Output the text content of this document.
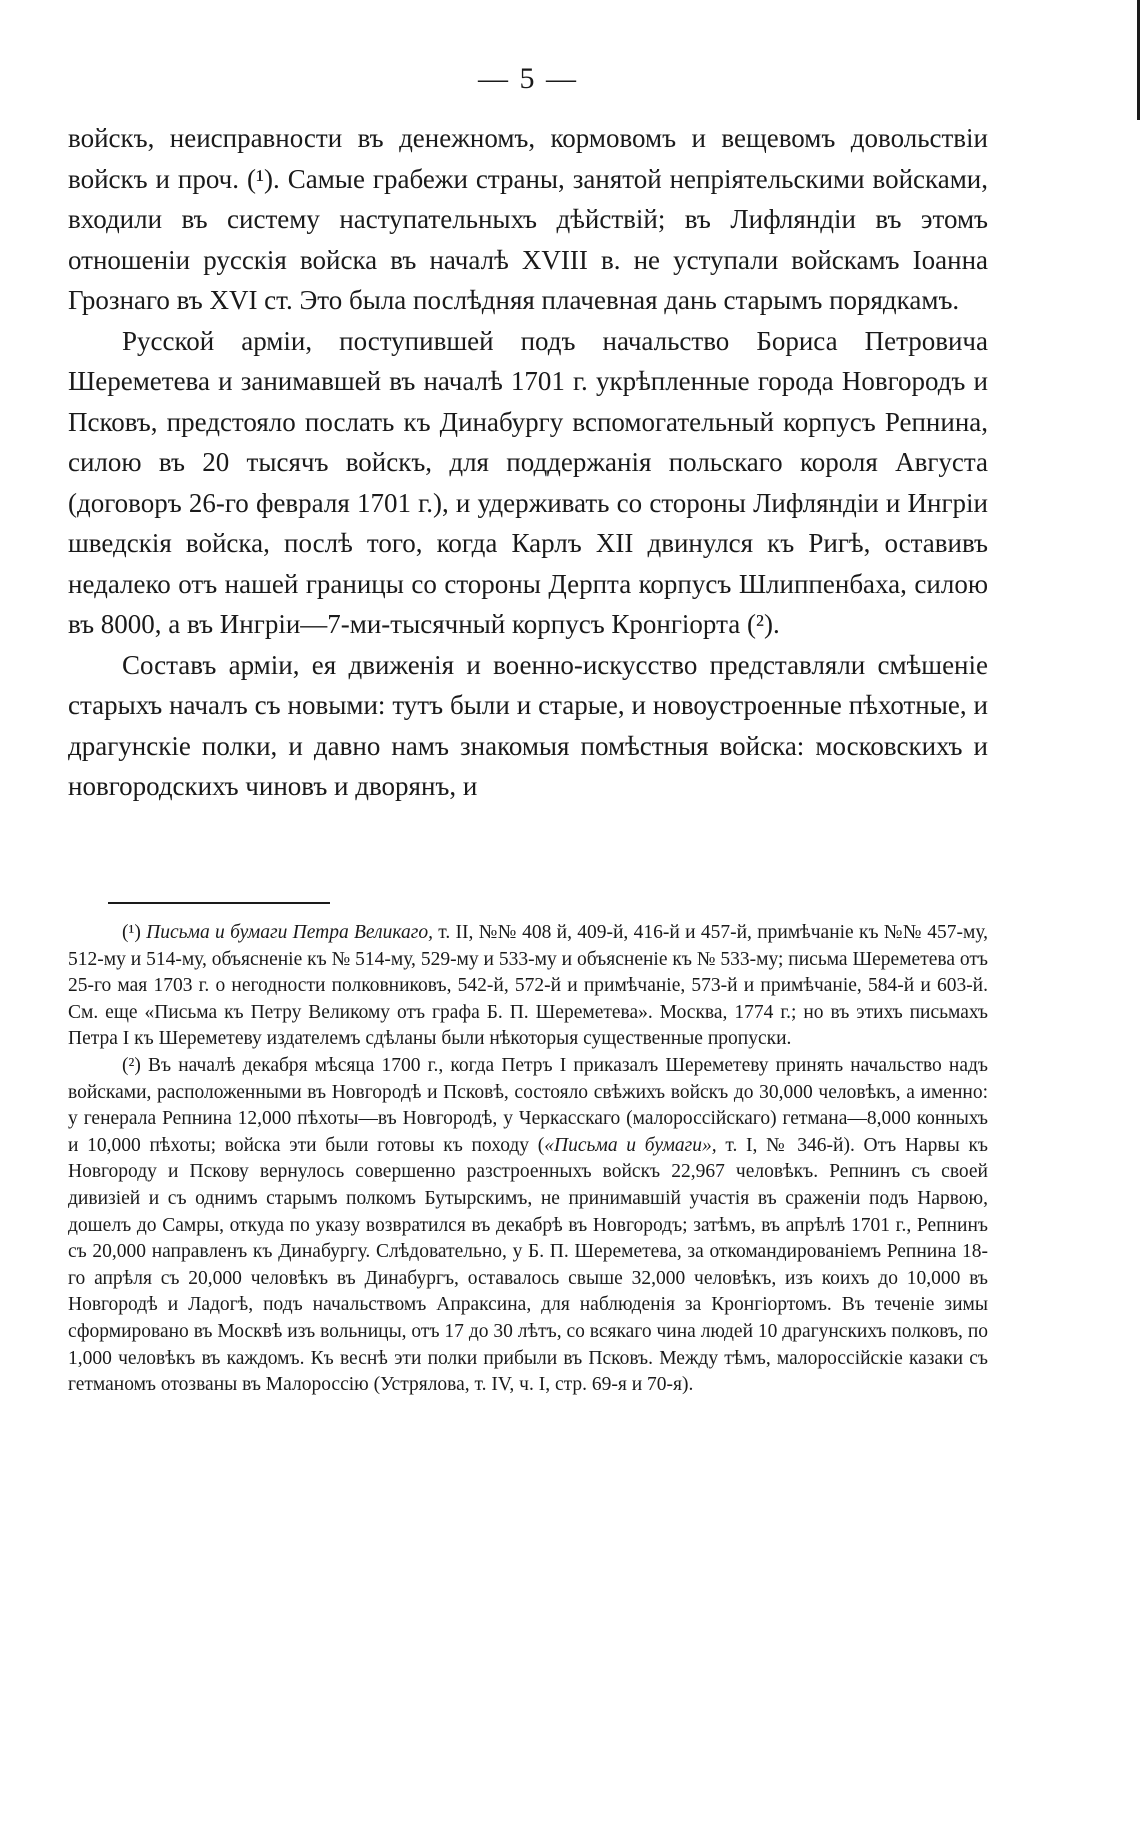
— 5 —

войскъ, неисправности въ денежномъ, кормовомъ и вещевомъ довольствіи войскъ и проч. (¹). Самые грабежи страны, занятой непріятельскими войсками, входили въ систему наступательныхъ дѣйствій; въ Лифляндіи въ этомъ отношеніи русскія войска въ началѣ XVIII в. не уступали войскамъ Іоанна Грознаго въ XVI ст. Это была послѣдняя плачевная дань старымъ порядкамъ.

Русской арміи, поступившей подъ начальство Бориса Петровича Шереметева и занимавшей въ началѣ 1701 г. укрѣпленные города Новгородъ и Псковъ, предстояло послать къ Динабургу вспомогательный корпусъ Репнина, силою въ 20 тысячъ войскъ, для поддержанія польскаго короля Августа (договоръ 26-го февраля 1701 г.), и удерживать со стороны Лифляндіи и Ингріи шведскія войска, послѣ того, когда Карлъ XII двинулся къ Ригѣ, оставивъ недалеко отъ нашей границы со стороны Дерпта корпусъ Шлиппенбаха, силою въ 8000, а въ Ингріи—7-ми-тысячный корпусъ Кронгіорта (²).

Составъ арміи, ея движенія и военно-искусство представляли смѣшеніе старыхъ началъ съ новыми: тутъ были и старые, и новоустроенные пѣхотные, и драгунскіе полки, и давно намъ знакомыя помѣстныя войска: московскихъ и новгородскихъ чиновъ и дворянъ, и

(¹) Письма и бумаги Петра Великаго, т. II, №№ 408 й, 409-й, 416-й и 457-й, примѣчаніе къ №№ 457-му, 512-му и 514-му, объясненіе къ № 514-му, 529-му и 533-му и объясненіе къ № 533-му; письма Шереметева отъ 25-го мая 1703 г. о негодности полковниковъ, 542-й, 572-й и примѣчаніе, 573-й и примѣчаніе, 584-й и 603-й. См. еще «Письма къ Петру Великому отъ графа Б. П. Шереметева». Москва, 1774 г.; но въ этихъ письмахъ Петра I къ Шереметеву издателемъ сдѣланы были нѣкоторыя существенные пропуски.

(²) Въ началѣ декабря мѣсяца 1700 г., когда Петръ I приказалъ Шереметеву принять начальство надъ войсками, расположенными въ Новгородѣ и Псковѣ, состояло свѣжихъ войскъ до 30,000 человѣкъ, а именно: у генерала Репнина 12,000 пѣхоты—въ Новгородѣ, у Черкасскаго (малороссійскаго) гетмана—8,000 конныхъ и 10,000 пѣхоты; войска эти были готовы къ походу («Письма и бумаги», т. I, № 346-й). Отъ Нарвы къ Новгороду и Пскову вернулось совершенно разстроенныхъ войскъ 22,967 человѣкъ. Репнинъ съ своей дивизіей и съ однимъ старымъ полкомъ Бутырскимъ, не принимавшій участія въ сраженіи подъ Нарвою, дошелъ до Самры, откуда по указу возвратился въ декабрѣ въ Новгородъ; затѣмъ, въ апрѣлѣ 1701 г., Репнинъ съ 20,000 направленъ къ Динабургу. Слѣдовательно, у Б. П. Шереметева, за откомандированіемъ Репнина 18-го апрѣля съ 20,000 человѣкъ въ Динабургъ, оставалось свыше 32,000 человѣкъ, изъ коихъ до 10,000 въ Новгородѣ и Ладогѣ, подъ начальствомъ Апраксина, для наблюденія за Кронгіортомъ. Въ теченіе зимы сформировано въ Москвѣ изъ вольницы, отъ 17 до 30 лѣтъ, со всякаго чина людей 10 драгунскихъ полковъ, по 1,000 человѣкъ въ каждомъ. Къ веснѣ эти полки прибыли въ Псковъ. Между тѣмъ, малороссійскіе казаки съ гетманомъ отозваны въ Малороссію (Устрялова, т. IV, ч. I, стр. 69-я и 70-я).
